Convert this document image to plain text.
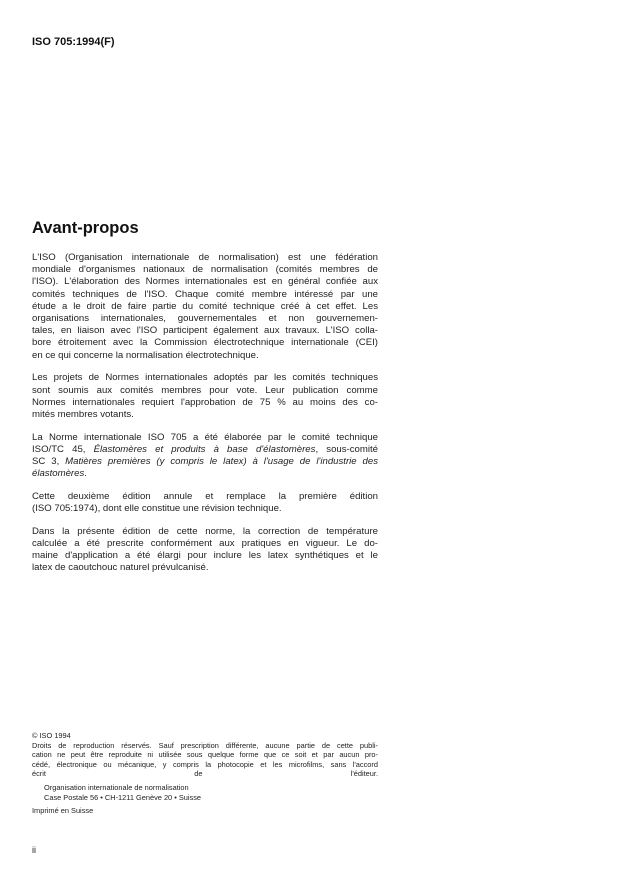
ISO 705:1994(F)
Avant-propos
L'ISO (Organisation internationale de normalisation) est une fédération
mondiale d'organismes nationaux de normalisation (comités membres de
l'ISO). L'élaboration des Normes internationales est en général confiée aux
comités techniques de l'ISO. Chaque comité membre intéressé par une
étude a le droit de faire partie du comité technique créé à cet effet. Les
organisations internationales, gouvernementales et non gouvernemen-
tales, en liaison avec l'ISO participent également aux travaux. L'ISO colla-
bore étroitement avec la Commission électrotechnique internationale (CEI)
en ce qui concerne la normalisation électrotechnique.
Les projets de Normes internationales adoptés par les comités techniques
sont soumis aux comités membres pour vote. Leur publication comme
Normes internationales requiert l'approbation de 75 % au moins des co-
mités membres votants.
La Norme internationale ISO 705 a été élaborée par le comité technique
ISO/TC 45, Élastomères et produits à base d'élastomères, sous-comité
SC 3, Matières premières (y compris le latex) à l'usage de l'industrie des
élastomères.
Cette deuxième édition annule et remplace la première édition
(ISO 705:1974), dont elle constitue une révision technique.
Dans la présente édition de cette norme, la correction de température
calculée a été prescrite conformément aux pratiques en vigueur. Le do-
maine d'application a été élargi pour inclure les latex synthétiques et le
latex de caoutchouc naturel prévulcanisé.
© ISO 1994
Droits de reproduction réservés. Sauf prescription différente, aucune partie de cette publi-
cation ne peut être reproduite ni utilisée sous quelque forme que ce soit et par aucun pro-
cédé, électronique ou mécanique, y compris la photocopie et les microfilms, sans l'accord
écrit de l'éditeur.
Organisation internationale de normalisation
Case Postale 56 • CH-1211 Genève 20 • Suisse
Imprimé en Suisse
ii
